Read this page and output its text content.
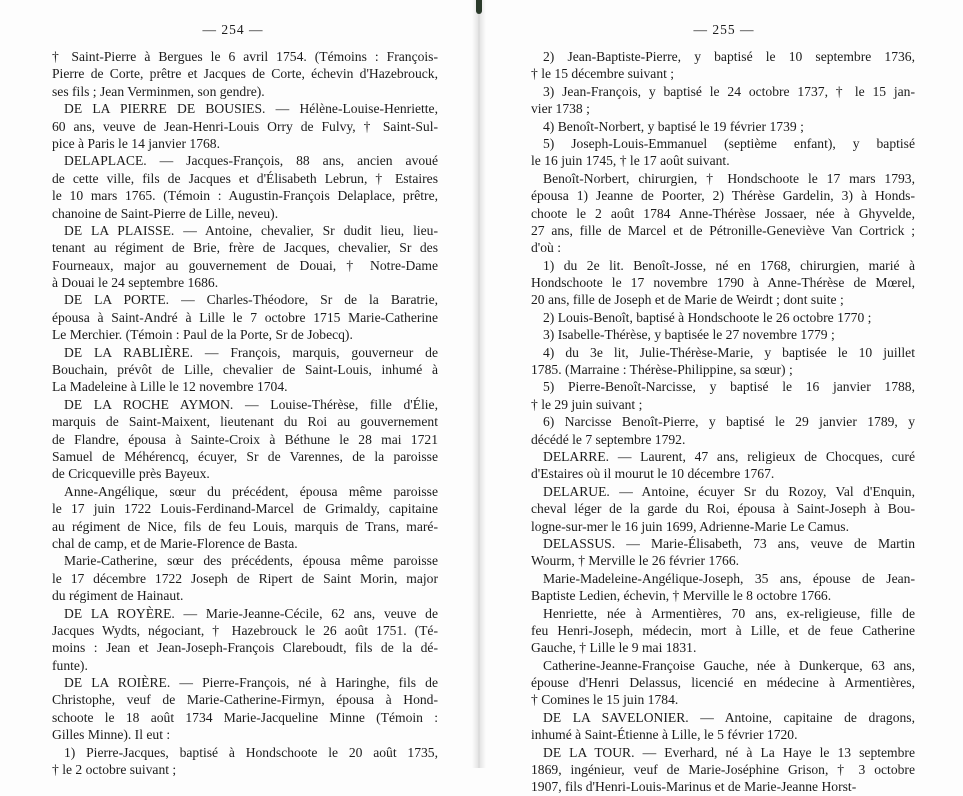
— 254 —
† Saint-Pierre à Bergues le 6 avril 1754. (Témoins : François-
Pierre de Corte, prêtre et Jacques de Corte, échevin d'Hazebrouck,
ses fils ; Jean Verminmen, son gendre).
DE LA PIERRE DE BOUSIES. — Hélène-Louise-Henriette,
60 ans, veuve de Jean-Henri-Louis Orry de Fulvy, † Saint-Sul-
pice à Paris le 14 janvier 1768.
DELAPLACE. — Jacques-François, 88 ans, ancien avoué
de cette ville, fils de Jacques et d'Élisabeth Lebrun, † Estaires
le 10 mars 1765. (Témoin : Augustin-François Delaplace, prêtre,
chanoine de Saint-Pierre de Lille, neveu).
DE LA PLAISSE. — Antoine, chevalier, Sr dudit lieu, lieu-
tenant au régiment de Brie, frère de Jacques, chevalier, Sr des
Fourneaux, major au gouvernement de Douai, † Notre-Dame
à Douai le 24 septembre 1686.
DE LA PORTE. — Charles-Théodore, Sr de la Baratrie,
épousa à Saint-André à Lille le 7 octobre 1715 Marie-Catherine
Le Merchier. (Témoin : Paul de la Porte, Sr de Jobecq).
DE LA RABLIÈRE. — François, marquis, gouverneur de
Bouchain, prévôt de Lille, chevalier de Saint-Louis, inhumé à
La Madeleine à Lille le 12 novembre 1704.
DE LA ROCHE AYMON. — Louise-Thérèse, fille d'Élie,
marquis de Saint-Maixent, lieutenant du Roi au gouvernement
de Flandre, épousa à Sainte-Croix à Béthune le 28 mai 1721
Samuel de Méhérencq, écuyer, Sr de Varennes, de la paroisse
de Cricqueville près Bayeux.
Anne-Angélique, sœur du précédent, épousa même paroisse
le 17 juin 1722 Louis-Ferdinand-Marcel de Grimaldy, capitaine
au régiment de Nice, fils de feu Louis, marquis de Trans, maré-
chal de camp, et de Marie-Florence de Basta.
Marie-Catherine, sœur des précédents, épousa même paroisse
le 17 décembre 1722 Joseph de Ripert de Saint Morin, major
du régiment de Hainaut.
DE LA ROYÈRE. — Marie-Jeanne-Cécile, 62 ans, veuve de
Jacques Wydts, négociant, † Hazebrouck le 26 août 1751. (Té-
moins : Jean et Jean-Joseph-François Clareboudt, fils de la dé-
funte).
DE LA ROIÈRE. — Pierre-François, né à Haringhe, fils de
Christophe, veuf de Marie-Catherine-Firmyn, épousa à Hond-
schoote le 18 août 1734 Marie-Jacqueline Minne (Témoin :
Gilles Minne). Il eut :
1) Pierre-Jacques, baptisé à Hondschoote le 20 août 1735,
† le 2 octobre suivant ;
— 255 —
2) Jean-Baptiste-Pierre, y baptisé le 10 septembre 1736,
† le 15 décembre suivant ;
3) Jean-François, y baptisé le 24 octobre 1737, † le 15 jan-
vier 1738 ;
4) Benoît-Norbert, y baptisé le 19 février 1739 ;
5) Joseph-Louis-Emmanuel (septième enfant), y baptisé
le 16 juin 1745, † le 17 août suivant.
Benoît-Norbert, chirurgien, † Hondschoote le 17 mars 1793,
épousa 1) Jeanne de Poorter, 2) Thérèse Gardelin, 3) à Honds-
choote le 2 août 1784 Anne-Thérèse Jossaer, née à Ghyvelde,
27 ans, fille de Marcel et de Pétronille-Geneviève Van Cortrick ;
d'où :
1) du 2e lit. Benoît-Josse, né en 1768, chirurgien, marié à
Hondschoote le 17 novembre 1790 à Anne-Thérèse de Mœrel,
20 ans, fille de Joseph et de Marie de Weirdt ; dont suite ;
2) Louis-Benoît, baptisé à Hondschoote le 26 octobre 1770 ;
3) Isabelle-Thérèse, y baptisée le 27 novembre 1779 ;
4) du 3e lit, Julie-Thérèse-Marie, y baptisée le 10 juillet
1785. (Marraine : Thérèse-Philippine, sa sœur) ;
5) Pierre-Benoît-Narcisse, y baptisé le 16 janvier 1788,
† le 29 juin suivant ;
6) Narcisse Benoît-Pierre, y baptisé le 29 janvier 1789, y
décédé le 7 septembre 1792.
DELARRE. — Laurent, 47 ans, religieux de Chocques, curé
d'Estaires où il mourut le 10 décembre 1767.
DELARUE. — Antoine, écuyer Sr du Rozoy, Val d'Enquin,
cheval léger de la garde du Roi, épousa à Saint-Joseph à Bou-
logne-sur-mer le 16 juin 1699, Adrienne-Marie Le Camus.
DELASSUS. — Marie-Élisabeth, 73 ans, veuve de Martin
Wourm, † Merville le 26 février 1766.
Marie-Madeleine-Angélique-Joseph, 35 ans, épouse de Jean-
Baptiste Ledien, échevin, † Merville le 8 octobre 1766.
Henriette, née à Armentières, 70 ans, ex-religieuse, fille de
feu Henri-Joseph, médecin, mort à Lille, et de feue Catherine
Gauche, † Lille le 9 mai 1831.
Catherine-Jeanne-Françoise Gauche, née à Dunkerque, 63 ans,
épouse d'Henri Delassus, licencié en médecine à Armentières,
† Comines le 15 juin 1784.
DE LA SAVELONIER. — Antoine, capitaine de dragons,
inhumé à Saint-Étienne à Lille, le 5 février 1720.
DE LA TOUR. — Everhard, né à La Haye le 13 septembre
1869, ingénieur, veuf de Marie-Joséphine Grison, † 3 octobre
1907, fils d'Henri-Louis-Marinus et de Marie-Jeanne Horst-
